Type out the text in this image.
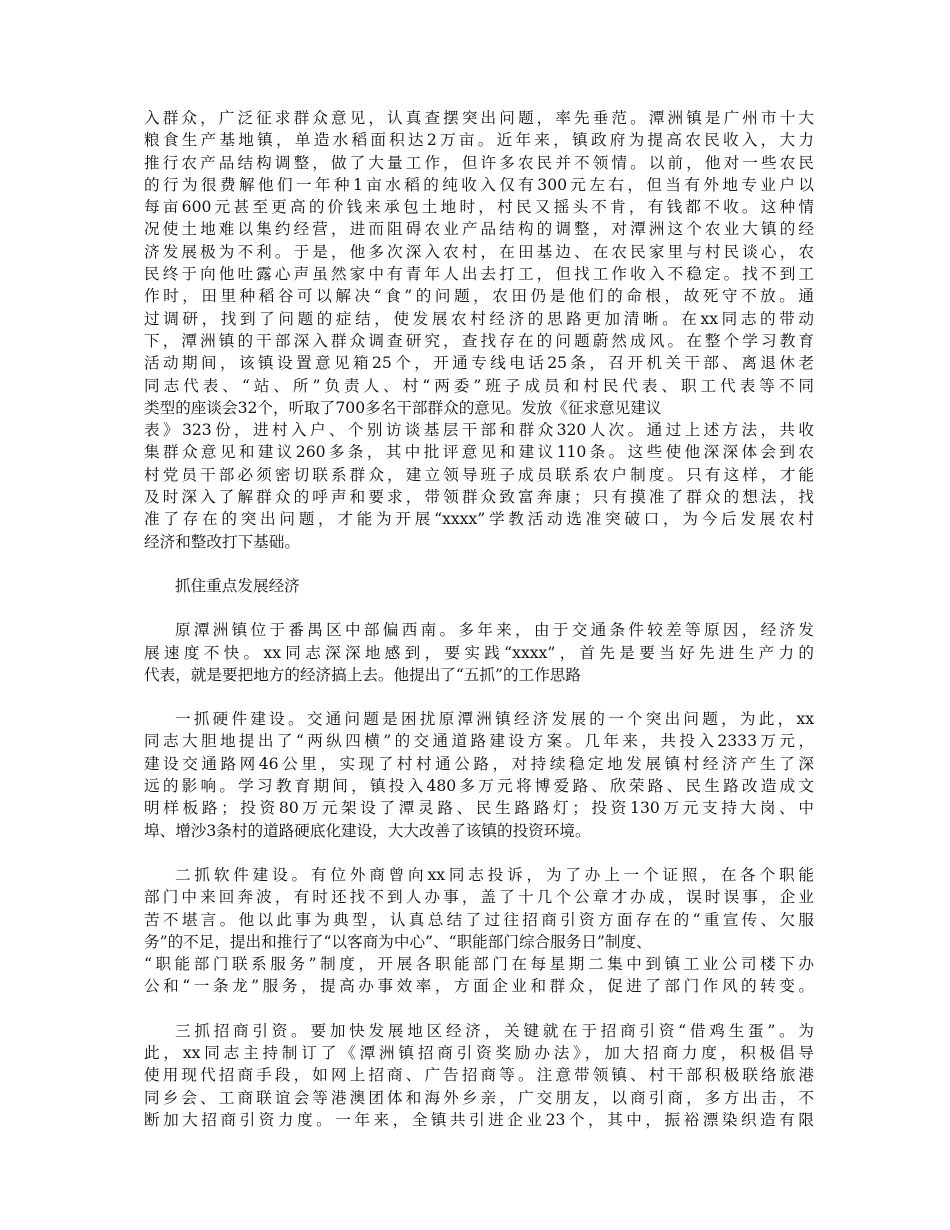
入群众，广泛征求群众意见，认真查摆突出问题，率先垂范。潭洲镇是广州市十大
粮食生产基地镇，单造水稻面积达2万亩。近年来，镇政府为提高农民收入，大力
推行农产品结构调整，做了大量工作，但许多农民并不领情。以前，他对一些农民
的行为很费解他们一年种1亩水稻的纯收入仅有300元左右，但当有外地专业户以
每亩600元甚至更高的价钱来承包土地时，村民又摇头不肯，有钱都不收。这种情
况使土地难以集约经营，进而阻碍农业产品结构的调整，对潭洲这个农业大镇的经
济发展极为不利。于是，他多次深入农村，在田基边、在农民家里与村民谈心，农
民终于向他吐露心声虽然家中有青年人出去打工，但找工作收入不稳定。找不到工
作时，田里种稻谷可以解决“食”的问题，农田仍是他们的命根，故死守不放。通
过调研，找到了问题的症结，使发展农村经济的思路更加清晰。在xx同志的带动
下，潭洲镇的干部深入群众调查研究，查找存在的问题蔚然成风。在整个学习教育
活动期间，该镇设置意见箱25个，开通专线电话25条，召开机关干部、离退休老
同志代表、“站、所”负责人、村“两委”班子成员和村民代表、职工代表等不同
类型的座谈会32个，听取了700多名干部群众的意见。发放《征求意见建议
表》323份，进村入户、个别访谈基层干部和群众320人次。通过上述方法，共收
集群众意见和建议260多条，其中批评意见和建议110条。这些使他深深体会到农
村党员干部必须密切联系群众，建立领导班子成员联系农户制度。只有这样，才能
及时深入了解群众的呼声和要求，带领群众致富奔康；只有摸准了群众的想法，找
准了存在的突出问题，才能为开展“xxxx”学教活动选准突破口，为今后发展农村
经济和整改打下基础。
抓住重点发展经济
原潭洲镇位于番禺区中部偏西南。多年来，由于交通条件较差等原因，经济发
展速度不快。xx同志深深地感到，要实践“xxxx”，首先是要当好先进生产力的
代表，就是要把地方的经济搞上去。他提出了“五抓”的工作思路
一抓硬件建设。交通问题是困扰原潭洲镇经济发展的一个突出问题，为此，xx
同志大胆地提出了“两纵四横”的交通道路建设方案。几年来，共投入2333万元，
建设交通路网46公里，实现了村村通公路，对持续稳定地发展镇村经济产生了深
远的影响。学习教育期间，镇投入480多万元将博爱路、欣荣路、民生路改造成文
明样板路；投资80万元架设了潭灵路、民生路路灯；投资130万元支持大岗、中
埠、增沙3条村的道路硬底化建设，大大改善了该镇的投资环境。
二抓软件建设。有位外商曾向xx同志投诉，为了办上一个证照，在各个职能
部门中来回奔波，有时还找不到人办事，盖了十几个公章才办成，误时误事，企业
苦不堪言。他以此事为典型，认真总结了过往招商引资方面存在的“重宣传、欠服
务”的不足，提出和推行了“以客商为中心”、“职能部门综合服务日”制度、
“职能部门联系服务”制度，开展各职能部门在每星期二集中到镇工业公司楼下办
公和“一条龙”服务，提高办事效率，方面企业和群众，促进了部门作风的转变。
三抓招商引资。要加快发展地区经济，关键就在于招商引资“借鸡生蛋”。为
此，xx同志主持制订了《潭洲镇招商引资奖励办法》，加大招商力度，积极倡导
使用现代招商手段，如网上招商、广告招商等。注意带领镇、村干部积极联络旅港
同乡会、工商联谊会等港澳团体和海外乡亲，广交朋友，以商引商，多方出击，不
断加大招商引资力度。一年来，全镇共引进企业23个，其中，振裕漂染织造有限
